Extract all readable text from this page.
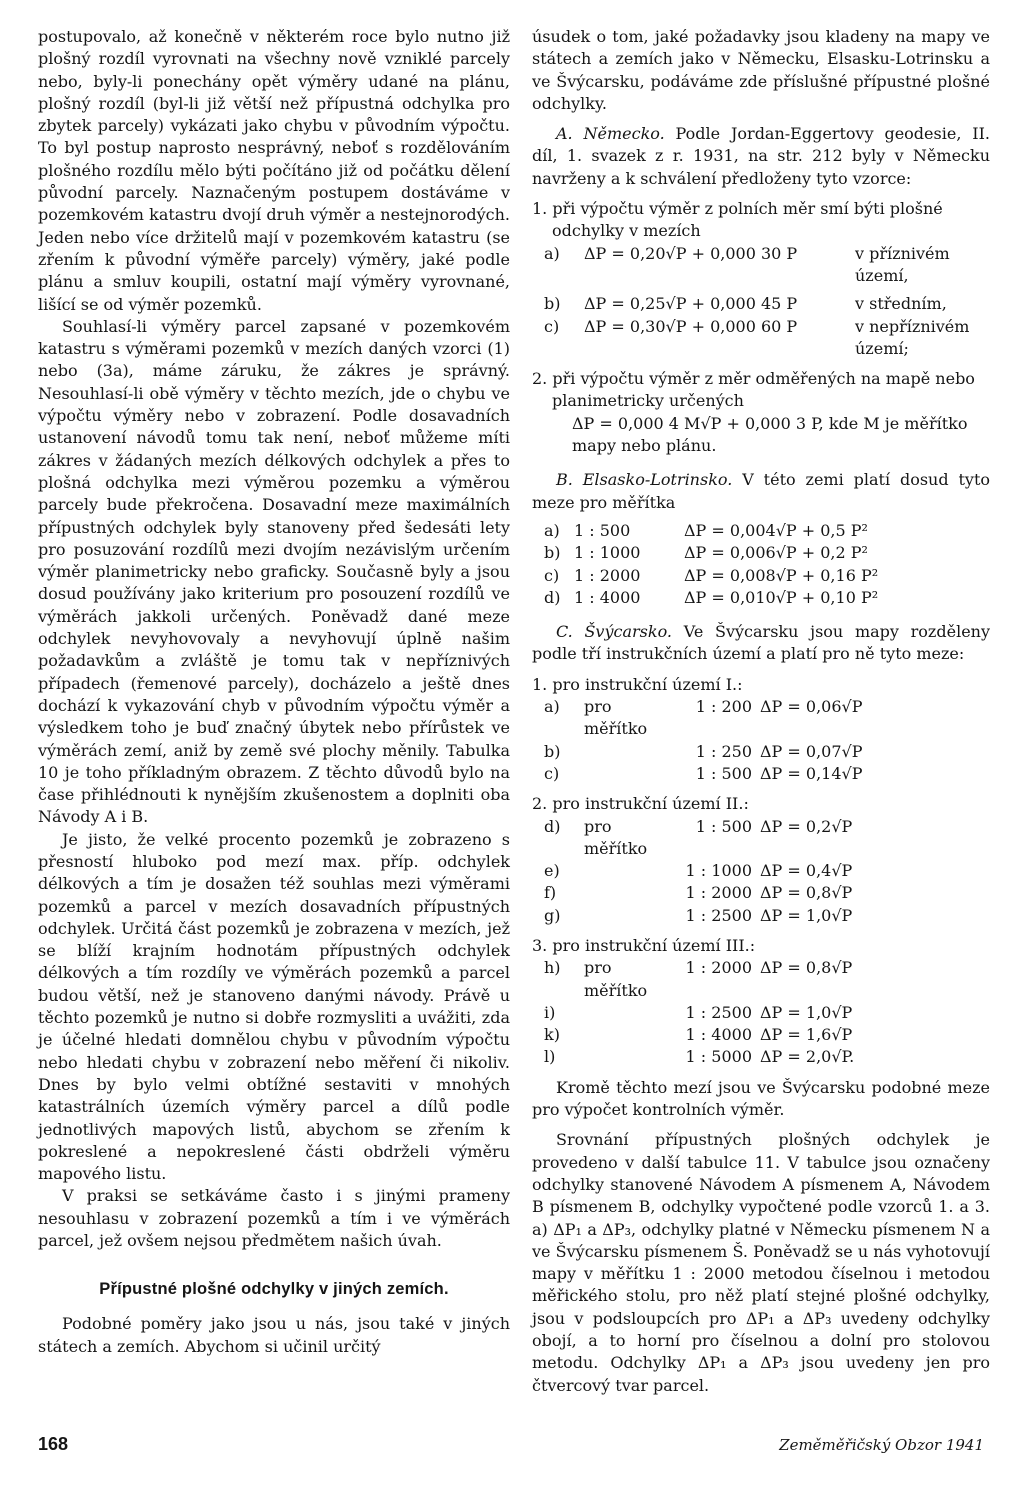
postupovalo, až konečně v některém roce bylo nutno již plošný rozdíl vyrovnati na všechny nově vzniklé parcely nebo, byly-li ponechány opět výměry udané na plánu, plošný rozdíl (byl-li již větší než přípustná odchylka pro zbytek parcely) vykázati jako chybu v původním výpočtu. To byl postup naprosto nesprávný, neboť s rozdělováním plošného rozdílu mělo býti počítáno již od počátku dělení původní parcely. Naznačeným postupem dostáváme v pozemkovém katastru dvojí druh výměr a nestejnorodých. Jeden nebo více držitelů mají v pozemkovém katastru (se zřením k původní výměře parcely) výměry, jaké podle plánu a smluv koupili, ostatní mají výměry vyrovnané, lišící se od výměr pozemků.

Souhlasí-li výměry parcel zapsané v pozemkovém katastru s výměrami pozemků v mezích daných vzorci (1) nebo (3a), máme záruku, že zákres je správný. Nesouhlasí-li obě výměry v těchto mezích, jde o chybu ve výpočtu výměry nebo v zobrazení. Podle dosavadních ustanovení návodů tomu tak není, neboť můžeme míti zákres v žádaných mezích délkových odchylek a přes to plošná odchylka mezi výměrou pozemku a výměrou parcely bude překročena. Dosavadní meze maximálních přípustných odchylek byly stanoveny před šedesáti lety pro posuzování rozdílů mezi dvojím nezávislým určením výměr planimetricky nebo graficky. Současně byly a jsou dosud používány jako kriterium pro posouzení rozdílů ve výměrách jakkoli určených. Poněvadž dané meze odchylek nevyhovovaly a nevyhovují úplně našim požadavkům a zvláště je tomu tak v nepříznivých případech (řemenové parcely), docházelo a ještě dnes dochází k vykazování chyb v původním výpočtu výměr a výsledkem toho je buď značný úbytek nebo přírůstek ve výměrách zemí, aniž by země své plochy měnily. Tabulka 10 je toho příkladným obrazem. Z těchto důvodů bylo na čase přihlédnouti k nynějším zkušenostem a doplniti oba Návody A i B.

Je jisto, že velké procento pozemků je zobrazeno s přesností hluboko pod mezí max. příp. odchylek délkových a tím je dosažen též souhlas mezi výměrami pozemků a parcel v mezích dosavadních přípustných odchylek. Určitá část pozemků je zobrazena v mezích, jež se blíží krajním hodnotám přípustných odchylek délkových a tím rozdíly ve výměrách pozemků a parcel budou větší, než je stanoveno danými návody. Právě u těchto pozemků je nutno si dobře rozmysliti a uvážiti, zda je účelné hledati domnělou chybu v původním výpočtu nebo hledati chybu v zobrazení nebo měření či nikoliv. Dnes by bylo velmi obtížné sestaviti v mnohých katastrálních územích výměry parcel a dílů podle jednotlivých mapových listů, abychom se zřením k pokreslené a nepokreslené části obdrželi výměru mapového listu.

V praksi se setkáváme často i s jinými prameny nesouhlasu v zobrazení pozemků a tím i ve výměrách parcel, jež ovšem nejsou předmětem našich úvah.

Přípustné plošné odchylky v jiných zemích.

Podobné poměry jako jsou u nás, jsou také v jiných státech a zemích. Abychom si učinil určitý

úsudek o tom, jaké požadavky jsou kladeny na mapy ve státech a zemích jako v Německu, Elsasku-Lotrinsku a ve Švýcarsku, podáváme zde příslušné přípustné plošné odchylky.

A. Německo. Podle Jordan-Eggertovy geodesie, II. díl, 1. svazek z r. 1931, na str. 212 byly v Německu navrženy a k schválení předloženy tyto vzorce:

1. při výpočtu výměr z polních měr smí býti plošné odchylky v mezích

a)	ΔP = 0,20√P + 0,000 30 P	v příznivém území,
b)	ΔP = 0,25√P + 0,000 45 P	v středním,
c)	ΔP = 0,30√P + 0,000 60 P	v nepříznivém území;

2. při výpočtu výměr z měr odměřených na mapě nebo planimetricky určených

ΔP = 0,000 4 M√P + 0,000 3 P, kde M je měřítko mapy nebo plánu.

B. Elsasko-Lotrinsko. V této zemi platí dosud tyto meze pro měřítka

a) 1 : 500	ΔP = 0,004√P + 0,5 P²
b) 1 : 1000	ΔP = 0,006√P + 0,2 P²
c) 1 : 2000	ΔP = 0,008√P + 0,16 P²
d) 1 : 4000	ΔP = 0,010√P + 0,10 P²

C. Švýcarsko. Ve Švýcarsku jsou mapy rozděleny podle tří instrukčních území a platí pro ně tyto meze:

1. pro instrukční území I.:
a)	pro měřítko
1 : 200 ΔP = 0,06√P
b)	1 : 250 ΔP = 0,07√P
c)	1 : 500 ΔP = 0,14√P
2. pro instrukční území II.:
d)	pro měřítko
1 : 500 ΔP = 0,2√P
e)	1 : 1000 ΔP = 0,4√P
f)	1 : 2000 ΔP = 0,8√P
g)	1 : 2500 ΔP = 1,0√P
3. pro instrukční území III.:
h)	pro měřítko
1 : 2000 ΔP = 0,8√P
i)	1 : 2500 ΔP = 1,0√P
k)	1 : 4000 ΔP = 1,6√P
l)	1 : 5000 ΔP = 2,0√P.

Kromě těchto mezí jsou ve Švýcarsku podobné meze pro výpočet kontrolních výměr.

Srovnání přípustných plošných odchylek je provedeno v další tabulce 11. V tabulce jsou označeny odchylky stanovené Návodem A písmenem A, Návodem B písmenem B, odchylky vypočtené podle vzorců 1. a 3. a) ΔP₁ a ΔP₃, odchylky platné v Německu písmenem N a ve Švýcarsku písmenem Š. Poněvadž se u nás vyhotovují mapy v měřítku 1 : 2000 metodou číselnou i metodou měřického stolu, pro něž platí stejné plošné odchylky, jsou v podsloupcích pro ΔP₁ a ΔP₃ uvedeny odchylky obojí, a to horní pro číselnou a dolní pro stolovou metodu. Odchylky ΔP₁ a ΔP₃ jsou uvedeny jen pro čtvercový tvar parcel.

168	Zeměměřičský Obzor 1941
